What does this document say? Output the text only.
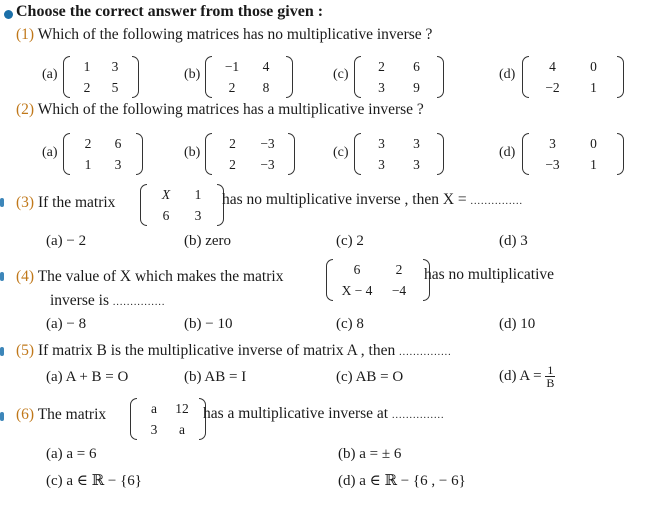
Choose the correct answer from those given :
(1) Which of the following matrices has no multiplicative inverse ?
(a)
1	3
2	5
(b)
−1	4
2	8
(c)
2	6
3	9
(d)
4	0
−2	1
(2) Which of the following matrices has a multiplicative inverse ?
(a)
2	6
1	3
(b)
2	−3
2	−3
(c)
3	3
3	3
(d)
3	0
−3	1
(3) If the matrix	X	1
6	3
has no multiplicative inverse , then X = ...............
(a) − 2	(b) zero	(c) 2	(d) 3
(4) The value of X which makes the matrix	6	2
X − 4	−4
has no multiplicative
inverse is ...............
(a) − 8	(b) − 10	(c) 8	(d) 10
(5) If matrix B is the multiplicative inverse of matrix A , then ...............
(a) A + B = O	(b) AB = I	(c) AB = O	(d) $A = \frac{1}{B}$
(6) The matrix	a	12
3	a
has a multiplicative inverse at ...............
(a) a = 6	(b) a = ± 6
(c) a ∈ ℝ − {6}	(d) a ∈ ℝ − {6 , − 6}
